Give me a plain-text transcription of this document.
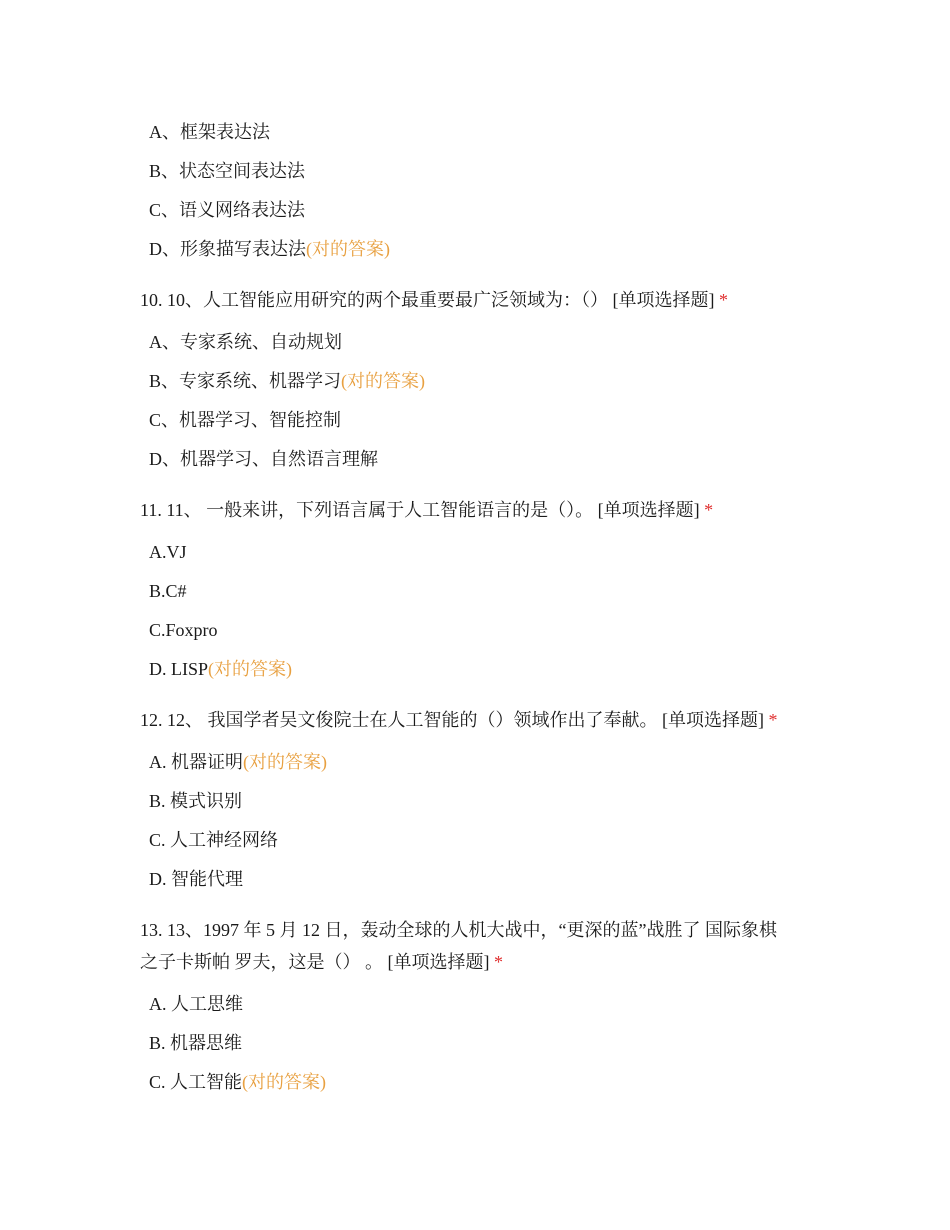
A、框架表达法
B、状态空间表达法
C、语义网络表达法
D、形象描写表达法(对的答案)
10. 10、人工智能应用研究的两个最重要最广泛领域为：（） [单项选择题] *
A、专家系统、自动规划
B、专家系统、机器学习(对的答案)
C、机器学习、智能控制
D、机器学习、自然语言理解
11. 11、 一般来讲，下列语言属于人工智能语言的是（）。 [单项选择题] *
A.VJ
B.C#
C.Foxpro
D. LISP(对的答案)
12. 12、 我国学者吴文俊院士在人工智能的（）领域作出了奉献。 [单项选择题] *
A. 机器证明(对的答案)
B. 模式识别
C. 人工神经网络
D. 智能代理
13. 13、1997 年 5 月 12 日，轰动全球的人机大战中，“更深的蓝”战胜了 国际象棋
之子卡斯帕 罗夫，这是（） 。 [单项选择题] *
A. 人工思维
B. 机器思维
C. 人工智能(对的答案)
